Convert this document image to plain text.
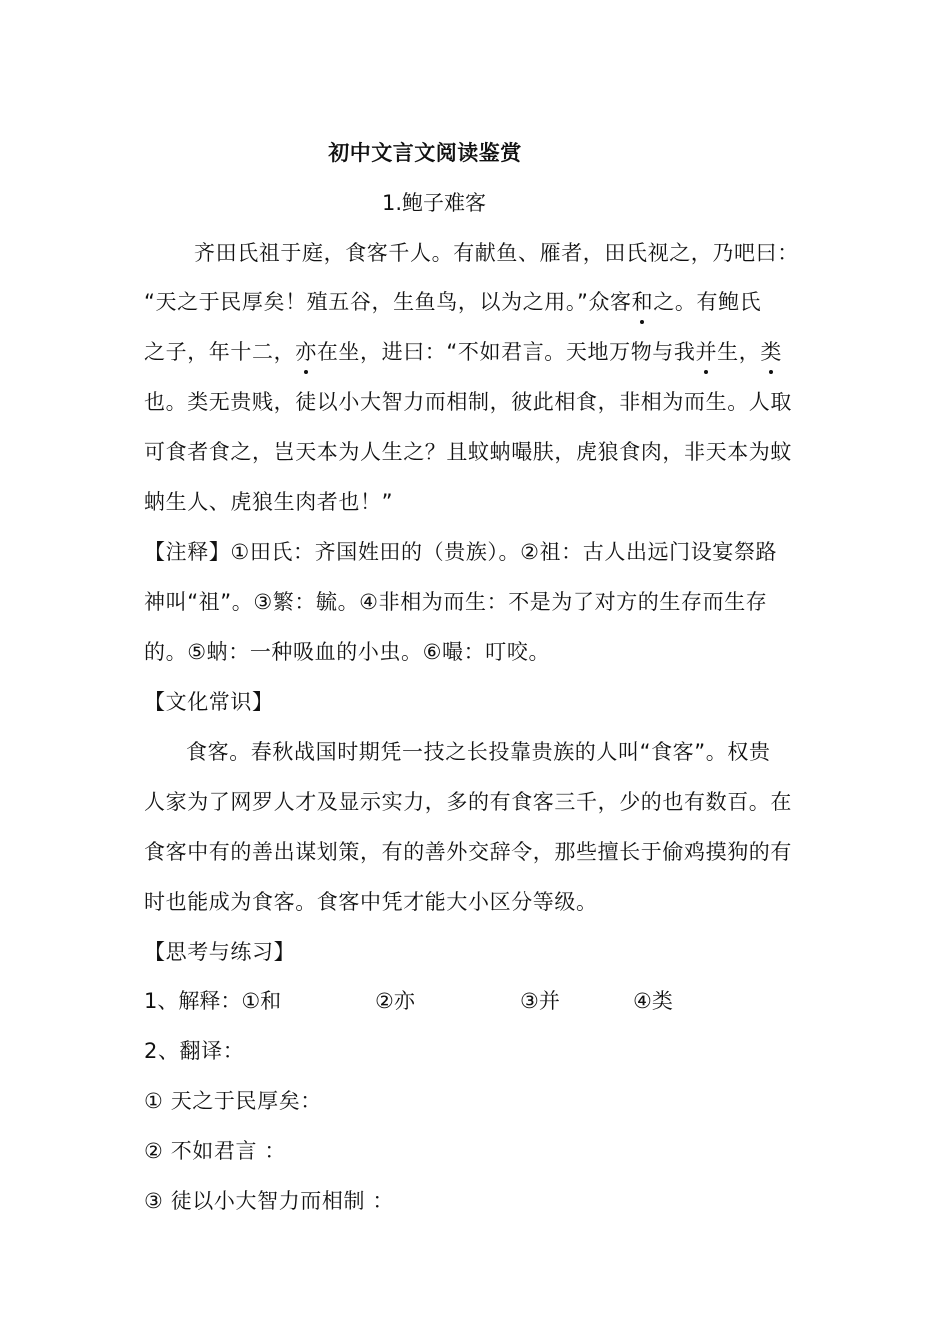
初中文言文阅读鉴赏
1.鲍子难客
齐田氏祖于庭，食客千人。有献鱼、雁者，田氏视之，乃吧曰：
“天之于民厚矣！殖五谷，生鱼鸟，以为之用。”众客和之。有鲍氏
之子，年十二，亦在坐，进曰：“不如君言。天地万物与我并生，类
也。类无贵贱，徒以小大智力而相制，彼此相食，非相为而生。人取
可食者食之，岂天本为人生之？且蚊蚋嘬肤，虎狼食肉，非天本为蚊
蚋生人、虎狼生肉者也！”
【注释】①田氏：齐国姓田的（贵族）。②祖：古人出远门设宴祭路
神叫“祖”。③繁：毓。④非相为而生：不是为了对方的生存而生存
的。⑤蚋：一种吸血的小虫。⑥嘬：叮咬。
【文化常识】
食客。春秋战国时期凭一技之长投靠贵族的人叫“食客”。权贵
人家为了网罗人才及显示实力，多的有食客三千，少的也有数百。在
食客中有的善出谋划策，有的善外交辞令，那些擅长于偷鸡摸狗的有
时也能成为食客。食客中凭才能大小区分等级。
【思考与练习】
1、解释：①和	②亦	③并	④类
2、翻译：
① 天之于民厚矣：
② 不如君言 ：
③ 徒以小大智力而相制 ：
